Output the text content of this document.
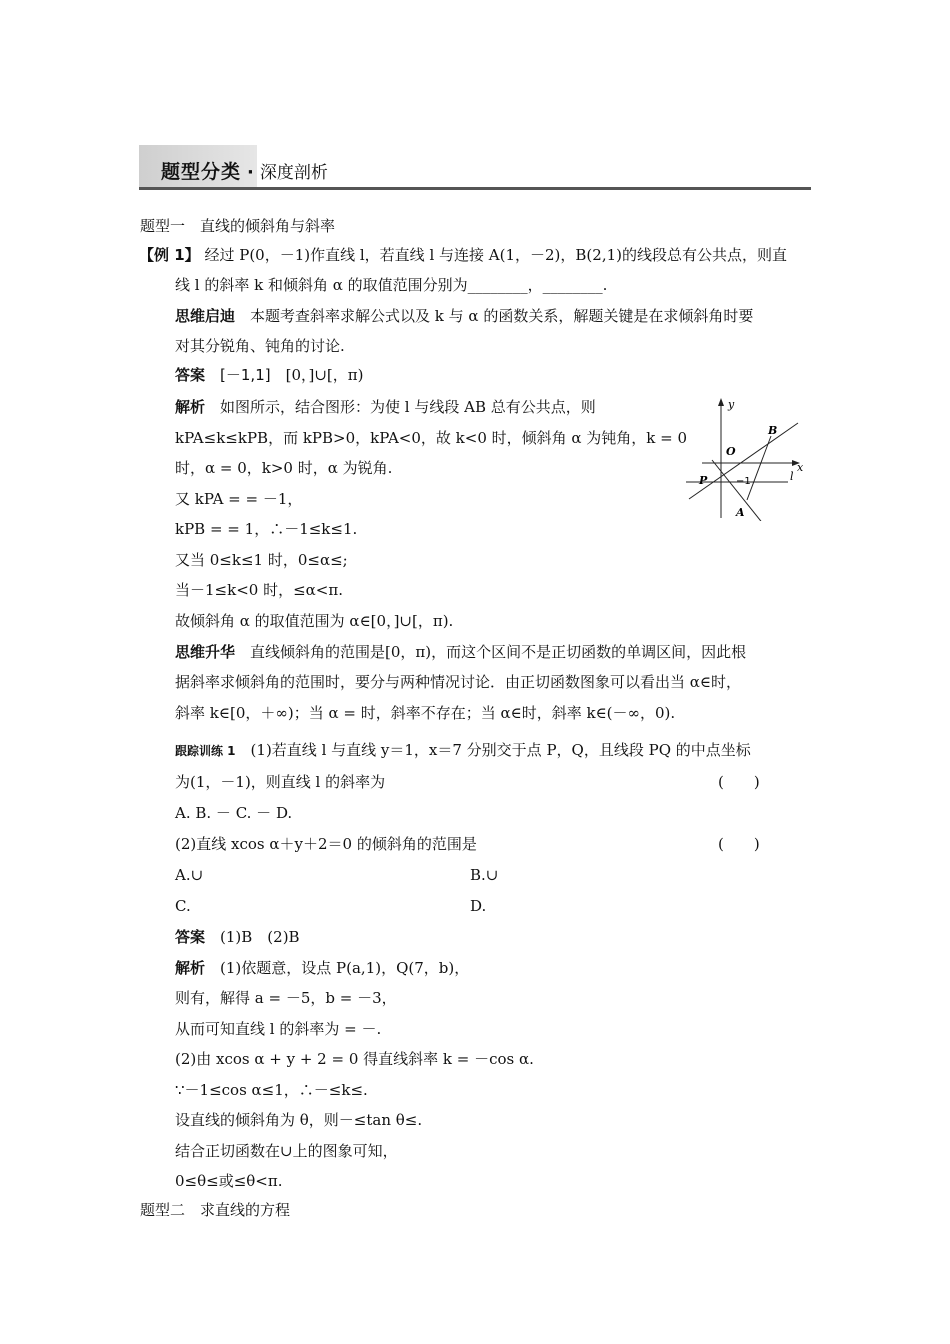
题型分类 · 深度剖析
题型一　直线的倾斜角与斜率
【例 1】 经过 P(0，－1)作直线 l，若直线 l 与连接 A(1，－2)，B(2,1)的线段总有公共点，则直
线 l 的斜率 k 和倾斜角 α 的取值范围分别为________，________.
思维启迪　 本题考查斜率求解公式以及 k 与 α 的函数关系，解题关键是在求倾斜角时要
对其分锐角、钝角的讨论.
答案　 [－1,1]　 [0，]∪[，π)
解析　 如图所示，结合图形：为使 l 与线段 AB 总有公共点，则
kPA≤k≤kPB，而 kPB>0，kPA<0，故 k<0 时，倾斜角 α 为钝角，k = 0
时，α = 0，k>0 时，α 为锐角.
又 kPA = = －1，
kPB = = 1，∴－1≤k≤1.
又当 0≤k≤1 时，0≤α≤;
当－1≤k<0 时，≤α<π.
故倾斜角 α 的取值范围为 α∈[0，]∪[，π).
y
x
B
O
P	−1	l
A
思维升华　 直线倾斜角的范围是[0，π)，而这个区间不是正切函数的单调区间，因此根
据斜率求倾斜角的范围时，要分与两种情况讨论．由正切函数图象可以看出当 α∈时，
斜率 k∈[0，＋∞)；当 α = 时，斜率不存在；当 α∈时，斜率 k∈(－∞，0).
跟踪训练 1　 (1)若直线 l 与直线 y＝1，x＝7 分别交于点 P，Q，且线段 PQ 的中点坐标
为(1，－1)，则直线 l 的斜率为	(　　)
A. B. － C. － D.
(2)直线 xcos α＋y＋2＝0 的倾斜角的范围是	(　　)
A.∪	B.∪
C.	D.
答案　 (1)B　(2)B
解析　 (1)依题意，设点 P(a,1)，Q(7，b)，
则有，解得 a = －5，b = －3，
从而可知直线 l 的斜率为 = －.
(2)由 xcos α + y + 2 = 0 得直线斜率 k = －cos α.
∵－1≤cos α≤1，∴－≤k≤.
设直线的倾斜角为 θ，则－≤tan θ≤.
结合正切函数在∪上的图象可知，
0≤θ≤或≤θ<π.
题型二　求直线的方程
